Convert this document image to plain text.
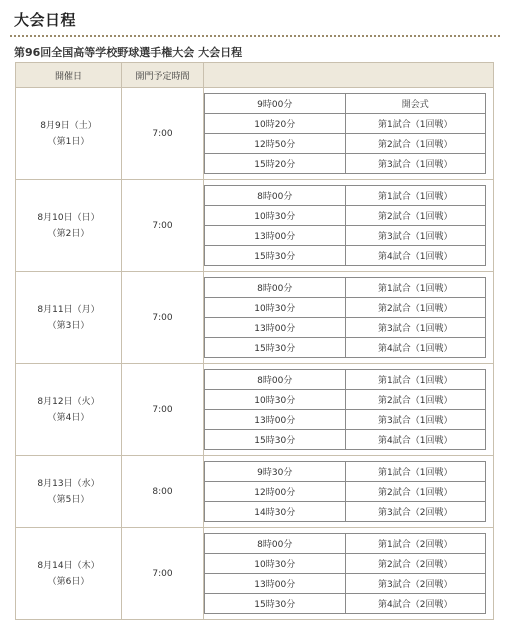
大会日程
第96回全国高等学校野球選手権大会 大会日程
開催日	開門予定時間	

8月9日（土）
（第1日）
	7:00	
9時00分	開会式
10時20分	第1試合（1回戦）
12時50分	第2試合（1回戦）
15時20分	第3試合（1回戦）

8月10日（日）
（第2日）
	7:00	
8時00分	第1試合（1回戦）
10時30分	第2試合（1回戦）
13時00分	第3試合（1回戦）
15時30分	第4試合（1回戦）

8月11日（月）
（第3日）
	7:00	
8時00分	第1試合（1回戦）
10時30分	第2試合（1回戦）
13時00分	第3試合（1回戦）
15時30分	第4試合（1回戦）

8月12日（火）
（第4日）
	7:00	
8時00分	第1試合（1回戦）
10時30分	第2試合（1回戦）
13時00分	第3試合（1回戦）
15時30分	第4試合（1回戦）

8月13日（水）
（第5日）
	8:00	
9時30分	第1試合（1回戦）
12時00分	第2試合（1回戦）
14時30分	第3試合（2回戦）

8月14日（木）
（第6日）
	7:00	
8時00分	第1試合（2回戦）
10時30分	第2試合（2回戦）
13時00分	第3試合（2回戦）
15時30分	第4試合（2回戦）
